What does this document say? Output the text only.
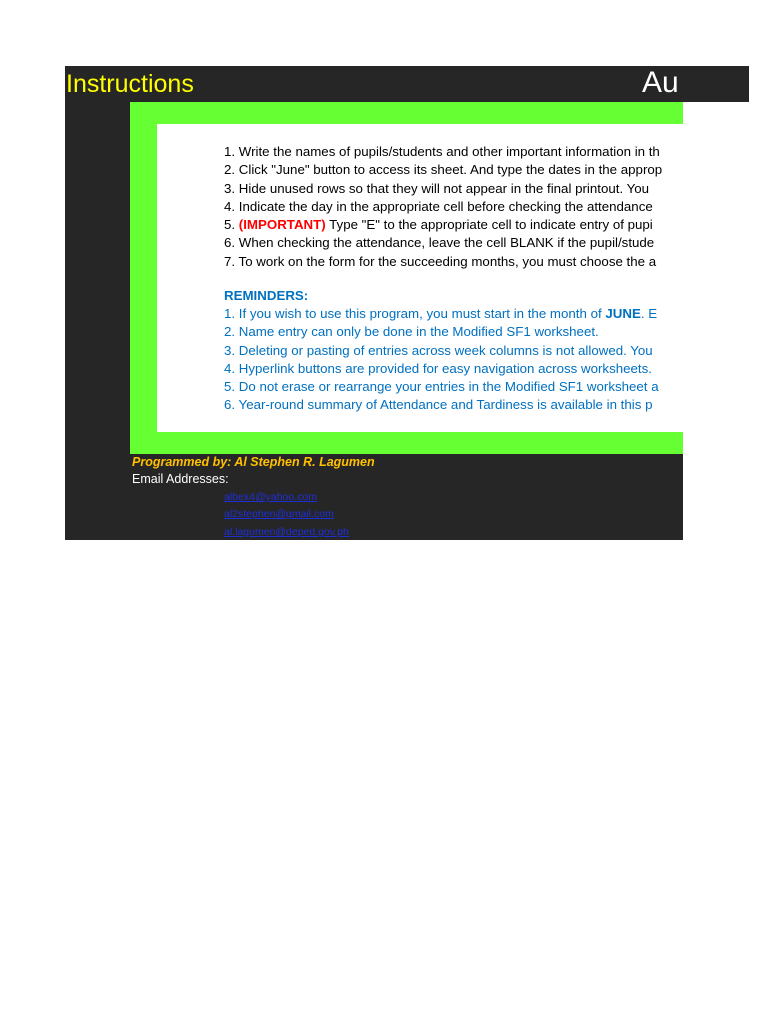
Instructions	Au
1. Write the names of pupils/students and other important information in th
2. Click "June" button to access its sheet. And type the dates in the approp
3. Hide unused rows so that they will not appear in the final printout. You
4. Indicate the day in the appropriate cell before checking the attendance
5. (IMPORTANT) Type "E" to the appropriate cell to indicate entry of pupi
6. When checking the attendance, leave the cell BLANK if the pupil/stude
7. To work on the form for the succeeding months, you must choose the a
REMINDERS:
1. If you wish to use this program, you must start in the month of JUNE. E
2. Name entry can only be done in the Modified SF1 worksheet.
3. Deleting or pasting of entries across week columns is not allowed. You
4. Hyperlink buttons are provided for easy navigation across worksheets.
5. Do not erase or rearrange your entries in the Modified SF1 worksheet a
6. Year-round summary of Attendance and Tardiness is available in this p
Programmed by: Al Stephen R. Lagumen
Email Addresses:
albex4@yahoo.com
al2stephen@gmail.com
al.lagumen@deped.gov.ph
